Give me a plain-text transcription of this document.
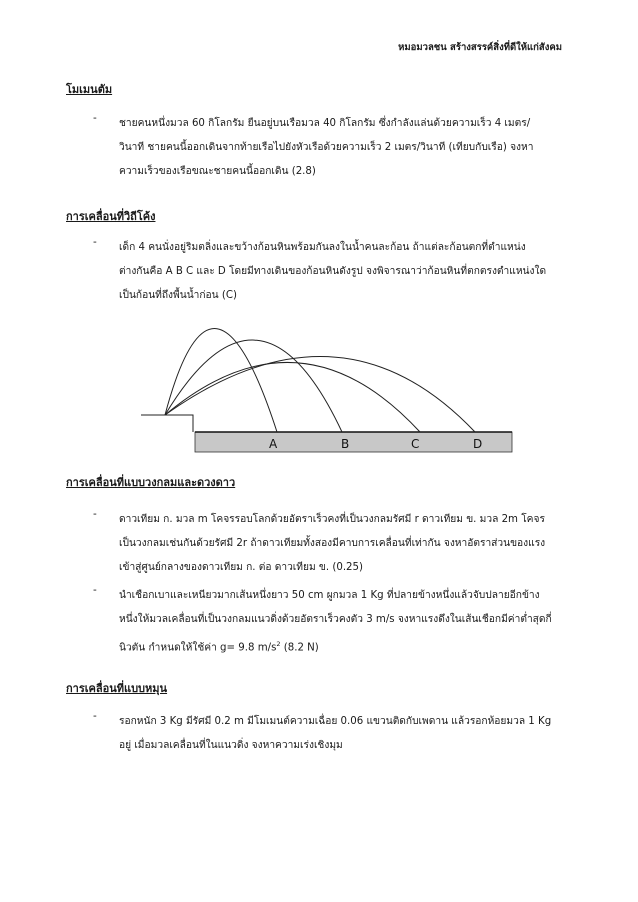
หมอมวลชน สร้างสรรค์สิ่งที่ดีให้แก่สังคม
โมเมนตัม
- ชายคนหนึ่งมวล 60 กิโลกรัม ยืนอยู่บนเรือมวล 40 กิโลกรัม ซึ่งกำลังแล่นด้วยความเร็ว 4 เมตร/
วินาที ชายคนนี้ออกเดินจากท้ายเรือไปยังหัวเรือด้วยความเร็ว 2 เมตร/วินาที (เทียบกับเรือ) จงหา
ความเร็วของเรือขณะชายคนนี้ออกเดิน (2.8)
การเคลื่อนที่วิถีโค้ง
- เด็ก 4 คนนั่งอยู่ริมตลิ่งและขว้างก้อนหินพร้อมกันลงในน้ำคนละก้อน ถ้าแต่ละก้อนตกที่ตำแหน่ง
ต่างกันคือ A B C และ D โดยมีทางเดินของก้อนหินดังรูป จงพิจารณาว่าก้อนหินที่ตกตรงตำแหน่งใด
เป็นก้อนที่ถึงพื้นน้ำก่อน (C)
A	B	C	D
การเคลื่อนที่แบบวงกลมและดวงดาว
- ดาวเทียม ก. มวล m โคจรรอบโลกด้วยอัตราเร็วคงที่เป็นวงกลมรัศมี r ดาวเทียม ข. มวล 2m โคจร
เป็นวงกลมเช่นกันด้วยรัศมี 2r ถ้าดาวเทียมทั้งสองมีคาบการเคลื่อนที่เท่ากัน จงหาอัตราส่วนของแรง
เข้าสู่ศูนย์กลางของดาวเทียม ก. ต่อ ดาวเทียม ข. (0.25)
- นำเชือกเบาและเหนียวมากเส้นหนึ่งยาว 50 cm ผูกมวล 1 Kg ที่ปลายข้างหนึ่งแล้วจับปลายอีกข้าง
หนึ่งให้มวลเคลื่อนที่เป็นวงกลมแนวดิ่งด้วยอัตราเร็วคงตัว 3 m/s จงหาแรงดึงในเส้นเชือกมีค่าต่ำสุดกี่
นิวตัน กำหนดให้ใช้ค่า g= 9.8 $m/s^2$ (8.2 N)
การเคลื่อนที่แบบหมุน
- รอกหนัก 3 Kg มีรัศมี 0.2 m มีโมเมนต์ความเฉื่อย 0.06 แขวนติดกับเพดาน แล้วรอกห้อยมวล 1 Kg
อยู่ เมื่อมวลเคลื่อนที่ในแนวดิ่ง จงหาความเร่งเชิงมุม
